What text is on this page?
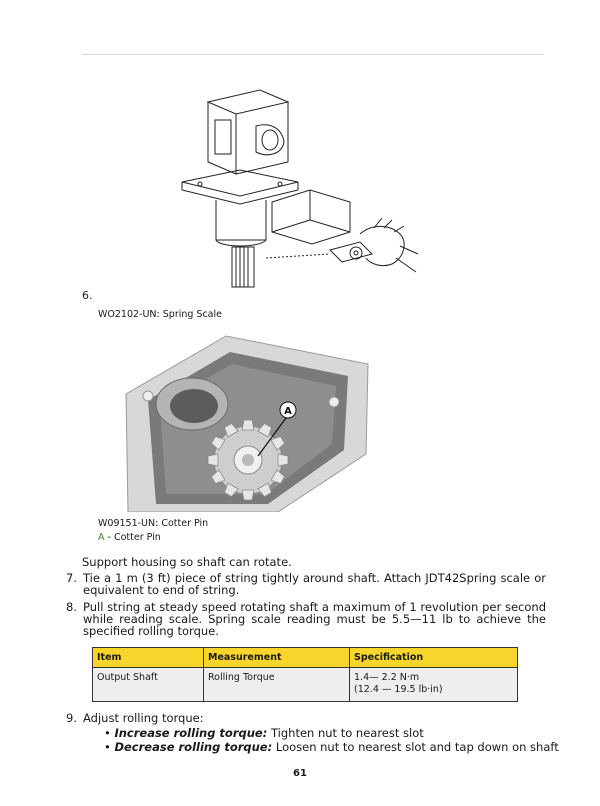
6.
WO2102-UN: Spring Scale
A
W09151-UN: Cotter Pin
A - Cotter Pin
Support housing so shaft can rotate.
7. Tie a 1 m (3 ft) piece of string tightly around shaft. Attach JDT42Spring scale or equivalent to end of string.
8. Pull string at steady speed rotating shaft a maximum of 1 revolution per second while reading scale. Spring scale reading must be 5.5—11 lb to achieve the specified rolling torque.
Item	Measurement	Specification
Output Shaft	Rolling Torque	1.4— 2.2 N·m
(12.4 — 19.5 lb·in)
9. Adjust rolling torque:
• Increase rolling torque: Tighten nut to nearest slot
• Decrease rolling torque: Loosen nut to nearest slot and tap down on shaft
61
